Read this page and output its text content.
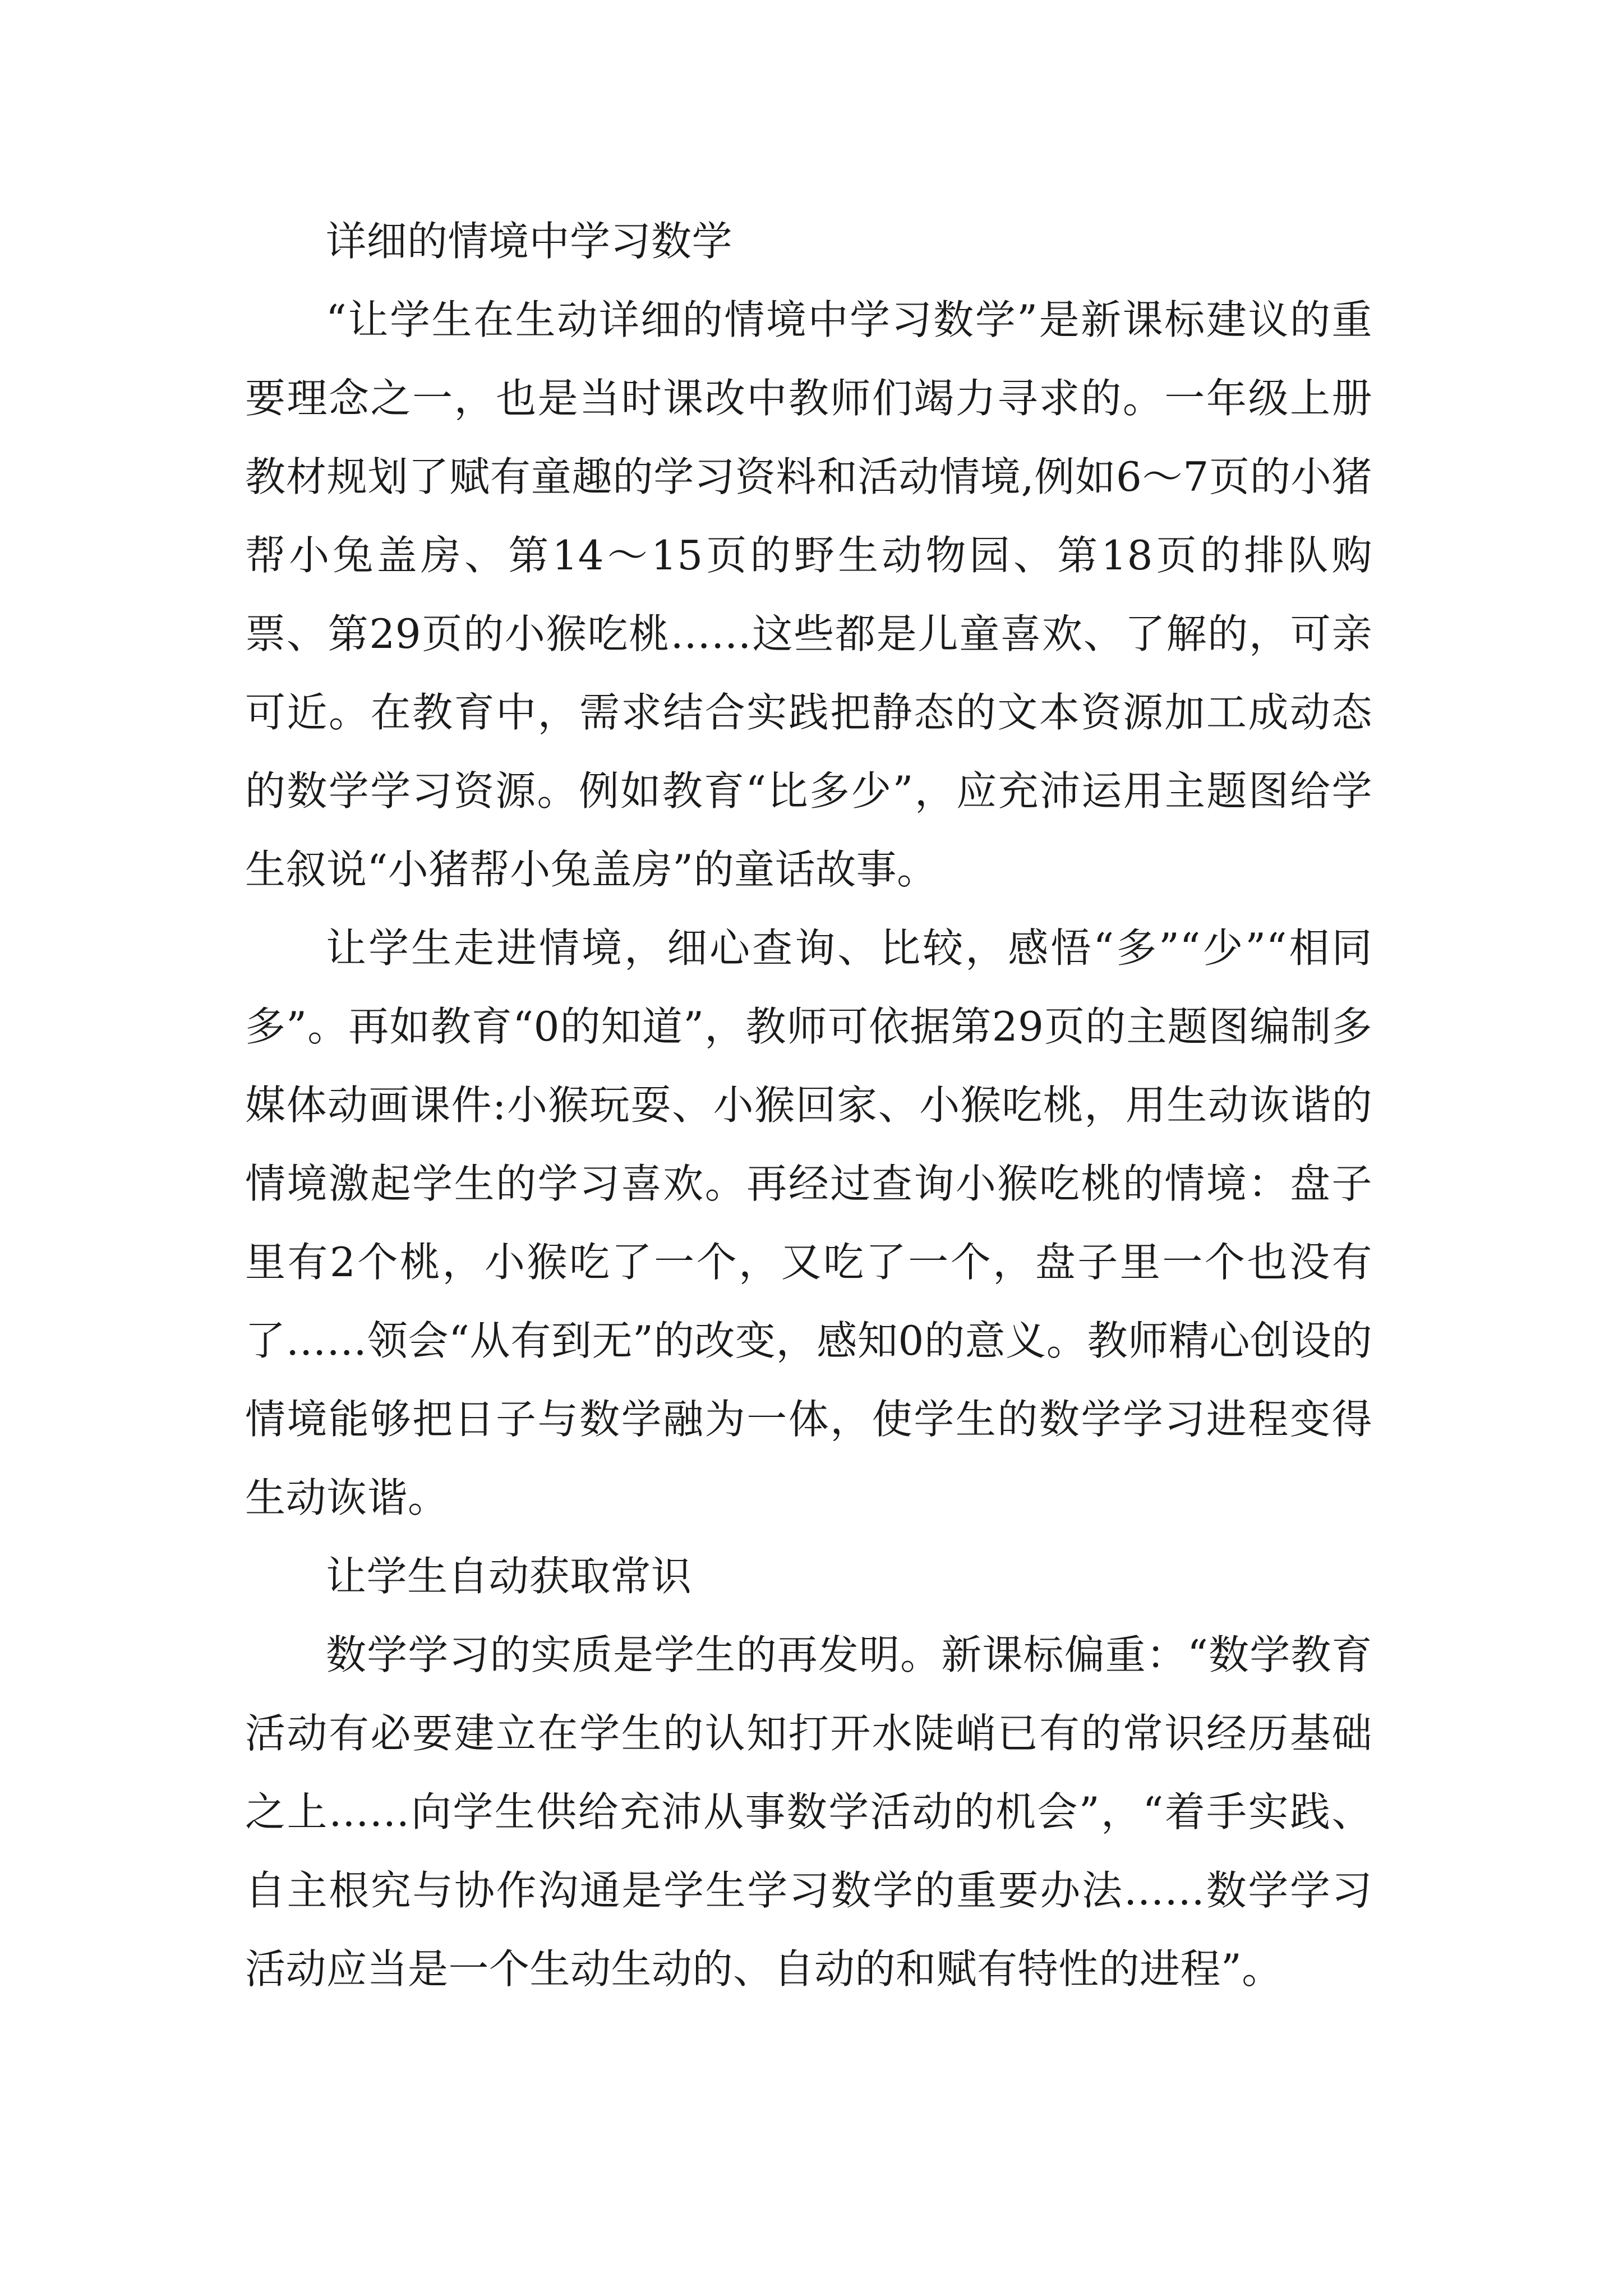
详细的情境中学习数学

“让学生在生动详细的情境中学习数学”是新课标建议的重要理念之一，也是当时课改中教师们竭力寻求的。一年级上册教材规划了赋有童趣的学习资料和活动情境,例如6～7页的小猪帮小兔盖房、第14～15页的野生动物园、第18页的排队购票、第29页的小猴吃桃……这些都是儿童喜欢、了解的，可亲可近。在教育中，需求结合实践把静态的文本资源加工成动态的数学学习资源。例如教育“比多少”，应充沛运用主题图给学生叙说“小猪帮小兔盖房”的童话故事。

让学生走进情境，细心查询、比较，感悟“多”“少”“相同多”。再如教育“0的知道”，教师可依据第29页的主题图编制多媒体动画课件:小猴玩耍、小猴回家、小猴吃桃，用生动诙谐的情境激起学生的学习喜欢。再经过查询小猴吃桃的情境：盘子里有2个桃，小猴吃了一个，又吃了一个，盘子里一个也没有了……领会“从有到无”的改变，感知0的意义。教师精心创设的情境能够把日子与数学融为一体，使学生的数学学习进程变得生动诙谐。

让学生自动获取常识

数学学习的实质是学生的再发明。新课标偏重：“数学教育活动有必要建立在学生的认知打开水陡峭已有的常识经历基础之上……向学生供给充沛从事数学活动的机会”，“着手实践、自主根究与协作沟通是学生学习数学的重要办法……数学学习活动应当是一个生动生动的、自动的和赋有特性的进程”。
